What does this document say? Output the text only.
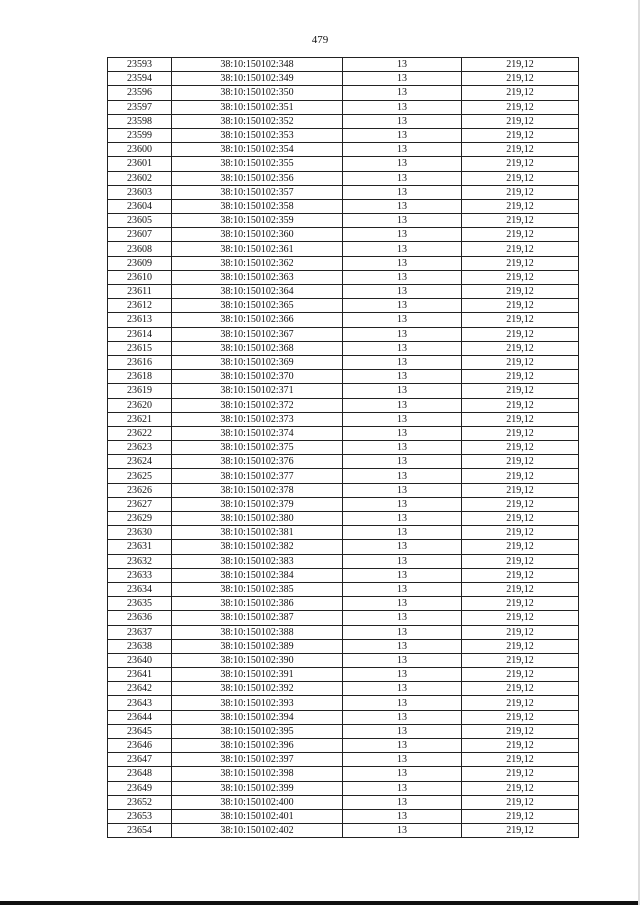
479
23593	38:10:150102:348	13	219,12
23594	38:10:150102:349	13	219,12
23596	38:10:150102:350	13	219,12
23597	38:10:150102:351	13	219,12
23598	38:10:150102:352	13	219,12
23599	38:10:150102:353	13	219,12
23600	38:10:150102:354	13	219,12
23601	38:10:150102:355	13	219,12
23602	38:10:150102:356	13	219,12
23603	38:10:150102:357	13	219,12
23604	38:10:150102:358	13	219,12
23605	38:10:150102:359	13	219,12
23607	38:10:150102:360	13	219,12
23608	38:10:150102:361	13	219,12
23609	38:10:150102:362	13	219,12
23610	38:10:150102:363	13	219,12
23611	38:10:150102:364	13	219,12
23612	38:10:150102:365	13	219,12
23613	38:10:150102:366	13	219,12
23614	38:10:150102:367	13	219,12
23615	38:10:150102:368	13	219,12
23616	38:10:150102:369	13	219,12
23618	38:10:150102:370	13	219,12
23619	38:10:150102:371	13	219,12
23620	38:10:150102:372	13	219,12
23621	38:10:150102:373	13	219,12
23622	38:10:150102:374	13	219,12
23623	38:10:150102:375	13	219,12
23624	38:10:150102:376	13	219,12
23625	38:10:150102:377	13	219,12
23626	38:10:150102:378	13	219,12
23627	38:10:150102:379	13	219,12
23629	38:10:150102:380	13	219,12
23630	38:10:150102:381	13	219,12
23631	38:10:150102:382	13	219,12
23632	38:10:150102:383	13	219,12
23633	38:10:150102:384	13	219,12
23634	38:10:150102:385	13	219,12
23635	38:10:150102:386	13	219,12
23636	38:10:150102:387	13	219,12
23637	38:10:150102:388	13	219,12
23638	38:10:150102:389	13	219,12
23640	38:10:150102:390	13	219,12
23641	38:10:150102:391	13	219,12
23642	38:10:150102:392	13	219,12
23643	38:10:150102:393	13	219,12
23644	38:10:150102:394	13	219,12
23645	38:10:150102:395	13	219,12
23646	38:10:150102:396	13	219,12
23647	38:10:150102:397	13	219,12
23648	38:10:150102:398	13	219,12
23649	38:10:150102:399	13	219,12
23652	38:10:150102:400	13	219,12
23653	38:10:150102:401	13	219,12
23654	38:10:150102:402	13	219,12
